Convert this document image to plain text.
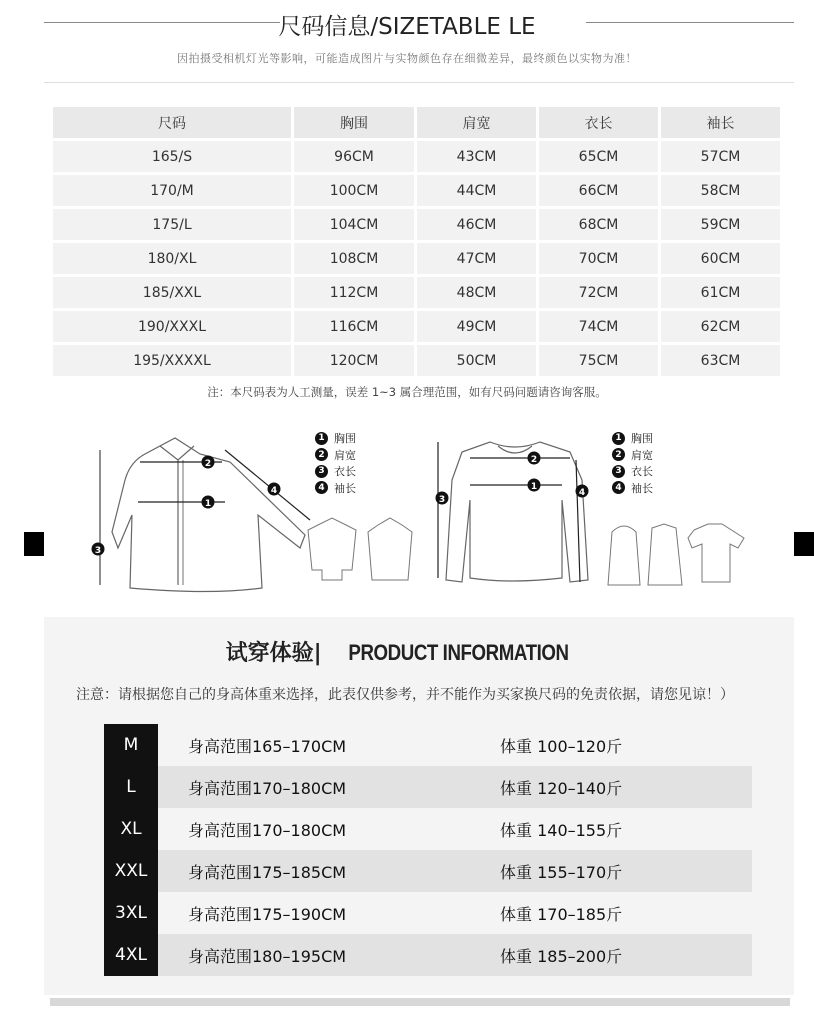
尺码信息/SIZETABLE LE
因拍摄受相机灯光等影响，可能造成图片与实物颜色存在细微差异，最终颜色以实物为准！
尺码	胸围	肩宽	衣长	袖长
165/S	96CM	43CM	65CM	57CM
170/M	100CM	44CM	66CM	58CM
175/L	104CM	46CM	68CM	59CM
180/XL	108CM	47CM	70CM	60CM
185/XXL	112CM	48CM	72CM	61CM
190/XXXL	116CM	49CM	74CM	62CM
195/XXXXL	120CM	50CM	75CM	63CM
注：本尺码表为人工测量，误差 1~3 属合理范围，如有尺码问题请咨询客服。
2
1
3
4
2
1
3
4
1 胸围
2 肩宽
3 衣长
4 袖长
1 胸围
2 肩宽
3 衣长
4 袖长
试穿体验| PRODUCT INFORMATION
注意：请根据您自己的身高体重来选择，此表仅供参考，并不能作为买家换尺码的免责依据，请您见谅！）
M	身高范围165–170CM	体重 100–120斤
L	身高范围170–180CM	体重 120–140斤
XL	身高范围170–180CM	体重 140–155斤
XXL	身高范围175–185CM	体重 155–170斤
3XL	身高范围175–190CM	体重 170–185斤
4XL	身高范围180–195CM	体重 185–200斤
